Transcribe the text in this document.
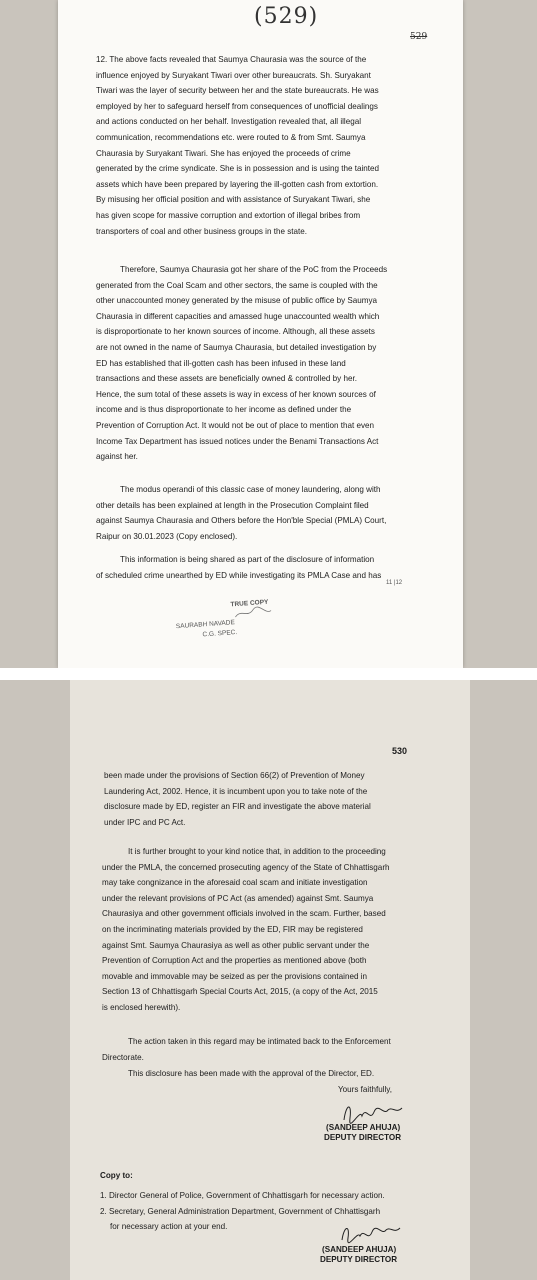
(529)
529
12. The above facts revealed that Saumya Chaurasia was the source of the
influence enjoyed by Suryakant Tiwari over other bureaucrats. Sh. Suryakant
Tiwari was the layer of security between her and the state bureaucrats. He was
employed by her to safeguard herself from consequences of unofficial dealings
and actions conducted on her behalf. Investigation revealed that, all illegal
communication, recommendations etc. were routed to & from Smt. Saumya
Chaurasia by Suryakant Tiwari. She has enjoyed the proceeds of crime
generated by the crime syndicate. She is in possession and is using the tainted
assets which have been prepared by layering the ill-gotten cash from extortion.
By misusing her official position and with assistance of Suryakant Tiwari, she
has given scope for massive corruption and extortion of illegal bribes from
transporters of coal and other business groups in the state.
Therefore, Saumya Chaurasia got her share of the PoC from the Proceeds
generated from the Coal Scam and other sectors, the same is coupled with the
other unaccounted money generated by the misuse of public office by Saumya
Chaurasia in different capacities and amassed huge unaccounted wealth which
is disproportionate to her known sources of income. Although, all these assets
are not owned in the name of Saumya Chaurasia, but detailed investigation by
ED has established that ill-gotten cash has been infused in these land
transactions and these assets are beneficially owned & controlled by her.
Hence, the sum total of these assets is way in excess of her known sources of
income and is thus disproportionate to her income as defined under the
Prevention of Corruption Act. It would not be out of place to mention that even
Income Tax Department has issued notices under the Benami Transactions Act
against her.
The modus operandi of this classic case of money laundering, along with
other details has been explained at length in the Prosecution Complaint filed
against Saumya Chaurasia and Others before the Hon'ble Special (PMLA) Court,
Raipur on 30.01.2023 (Copy enclosed).
This information is being shared as part of the disclosure of information
of scheduled crime unearthed by ED while investigating its PMLA Case and has
11 |12
TRUE COPY
SAURABH NAVADE
C.G. SPEC.
530
been made under the provisions of Section 66(2) of Prevention of Money
Laundering Act, 2002. Hence, it is incumbent upon you to take note of the
disclosure made by ED, register an FIR and investigate the above material
under IPC and PC Act.
It is further brought to your kind notice that, in addition to the proceeding
under the PMLA, the concerned prosecuting agency of the State of Chhattisgarh
may take congnizance in the aforesaid coal scam and initiate investigation
under the relevant provisions of PC Act (as amended) against Smt. Saumya
Chaurasiya and other government officials involved in the scam. Further, based
on the incriminating materials provided by the ED, FIR may be registered
against Smt. Saumya Chaurasiya as well as other public servant under the
Prevention of Corruption Act and the properties as mentioned above (both
movable and immovable may be seized as per the provisions contained in
Section 13 of Chhattisgarh Special Courts Act, 2015, (a copy of the Act, 2015
is enclosed herewith).
The action taken in this regard may be intimated back to the Enforcement
Directorate.
This disclosure has been made with the approval of the Director, ED.
Yours faithfully,
(SANDEEP AHUJA)
DEPUTY DIRECTOR
Copy to:
1. Director General of Police, Government of Chhattisgarh for necessary action.
2. Secretary, General Administration Department, Government of Chhattisgarh
for necessary action at your end.
(SANDEEP AHUJA)
DEPUTY DIRECTOR
